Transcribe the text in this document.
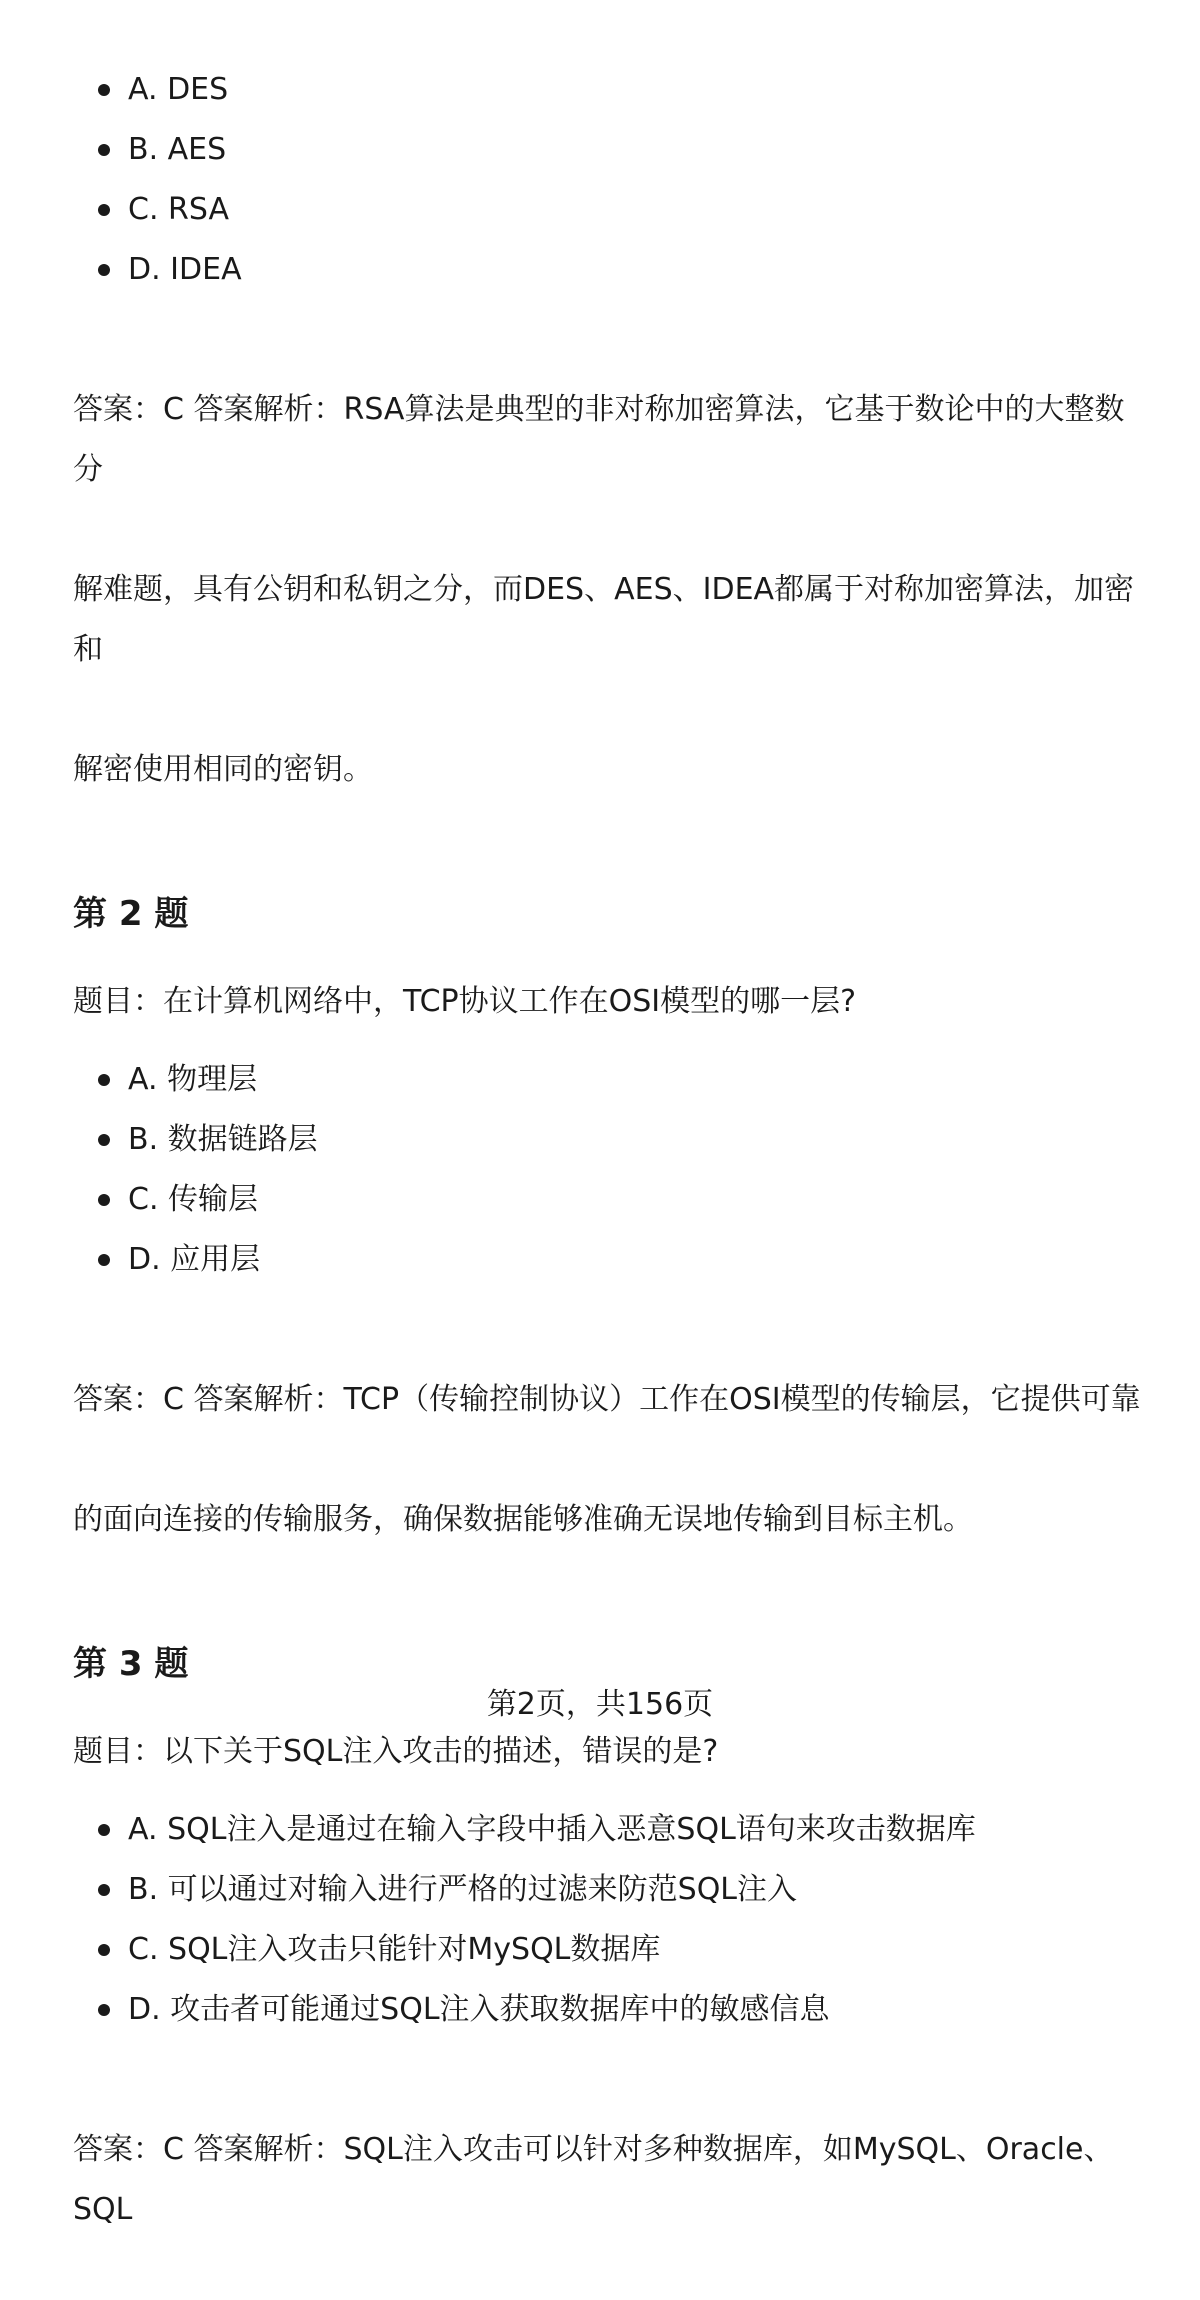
A. DES
B. AES
C. RSA
D. IDEA

答案：C 答案解析：RSA算法是典型的非对称加密算法，它基于数论中的大整数分

解难题，具有公钥和私钥之分，而DES、AES、IDEA都属于对称加密算法，加密和

解密使用相同的密钥。

第 2 题

题目：在计算机网络中，TCP协议工作在OSI模型的哪一层?

A. 物理层
B. 数据链路层
C. 传输层
D. 应用层

答案：C 答案解析：TCP（传输控制协议）工作在OSI模型的传输层，它提供可靠

的面向连接的传输服务，确保数据能够准确无误地传输到目标主机。

第 3 题

题目：以下关于SQL注入攻击的描述，错误的是?

A. SQL注入是通过在输入字段中插入恶意SQL语句来攻击数据库
B. 可以通过对输入进行严格的过滤来防范SQL注入
C. SQL注入攻击只能针对MySQL数据库
D. 攻击者可能通过SQL注入获取数据库中的敏感信息

答案：C 答案解析：SQL注入攻击可以针对多种数据库，如MySQL、Oracle、SQL

第2页，共156页
